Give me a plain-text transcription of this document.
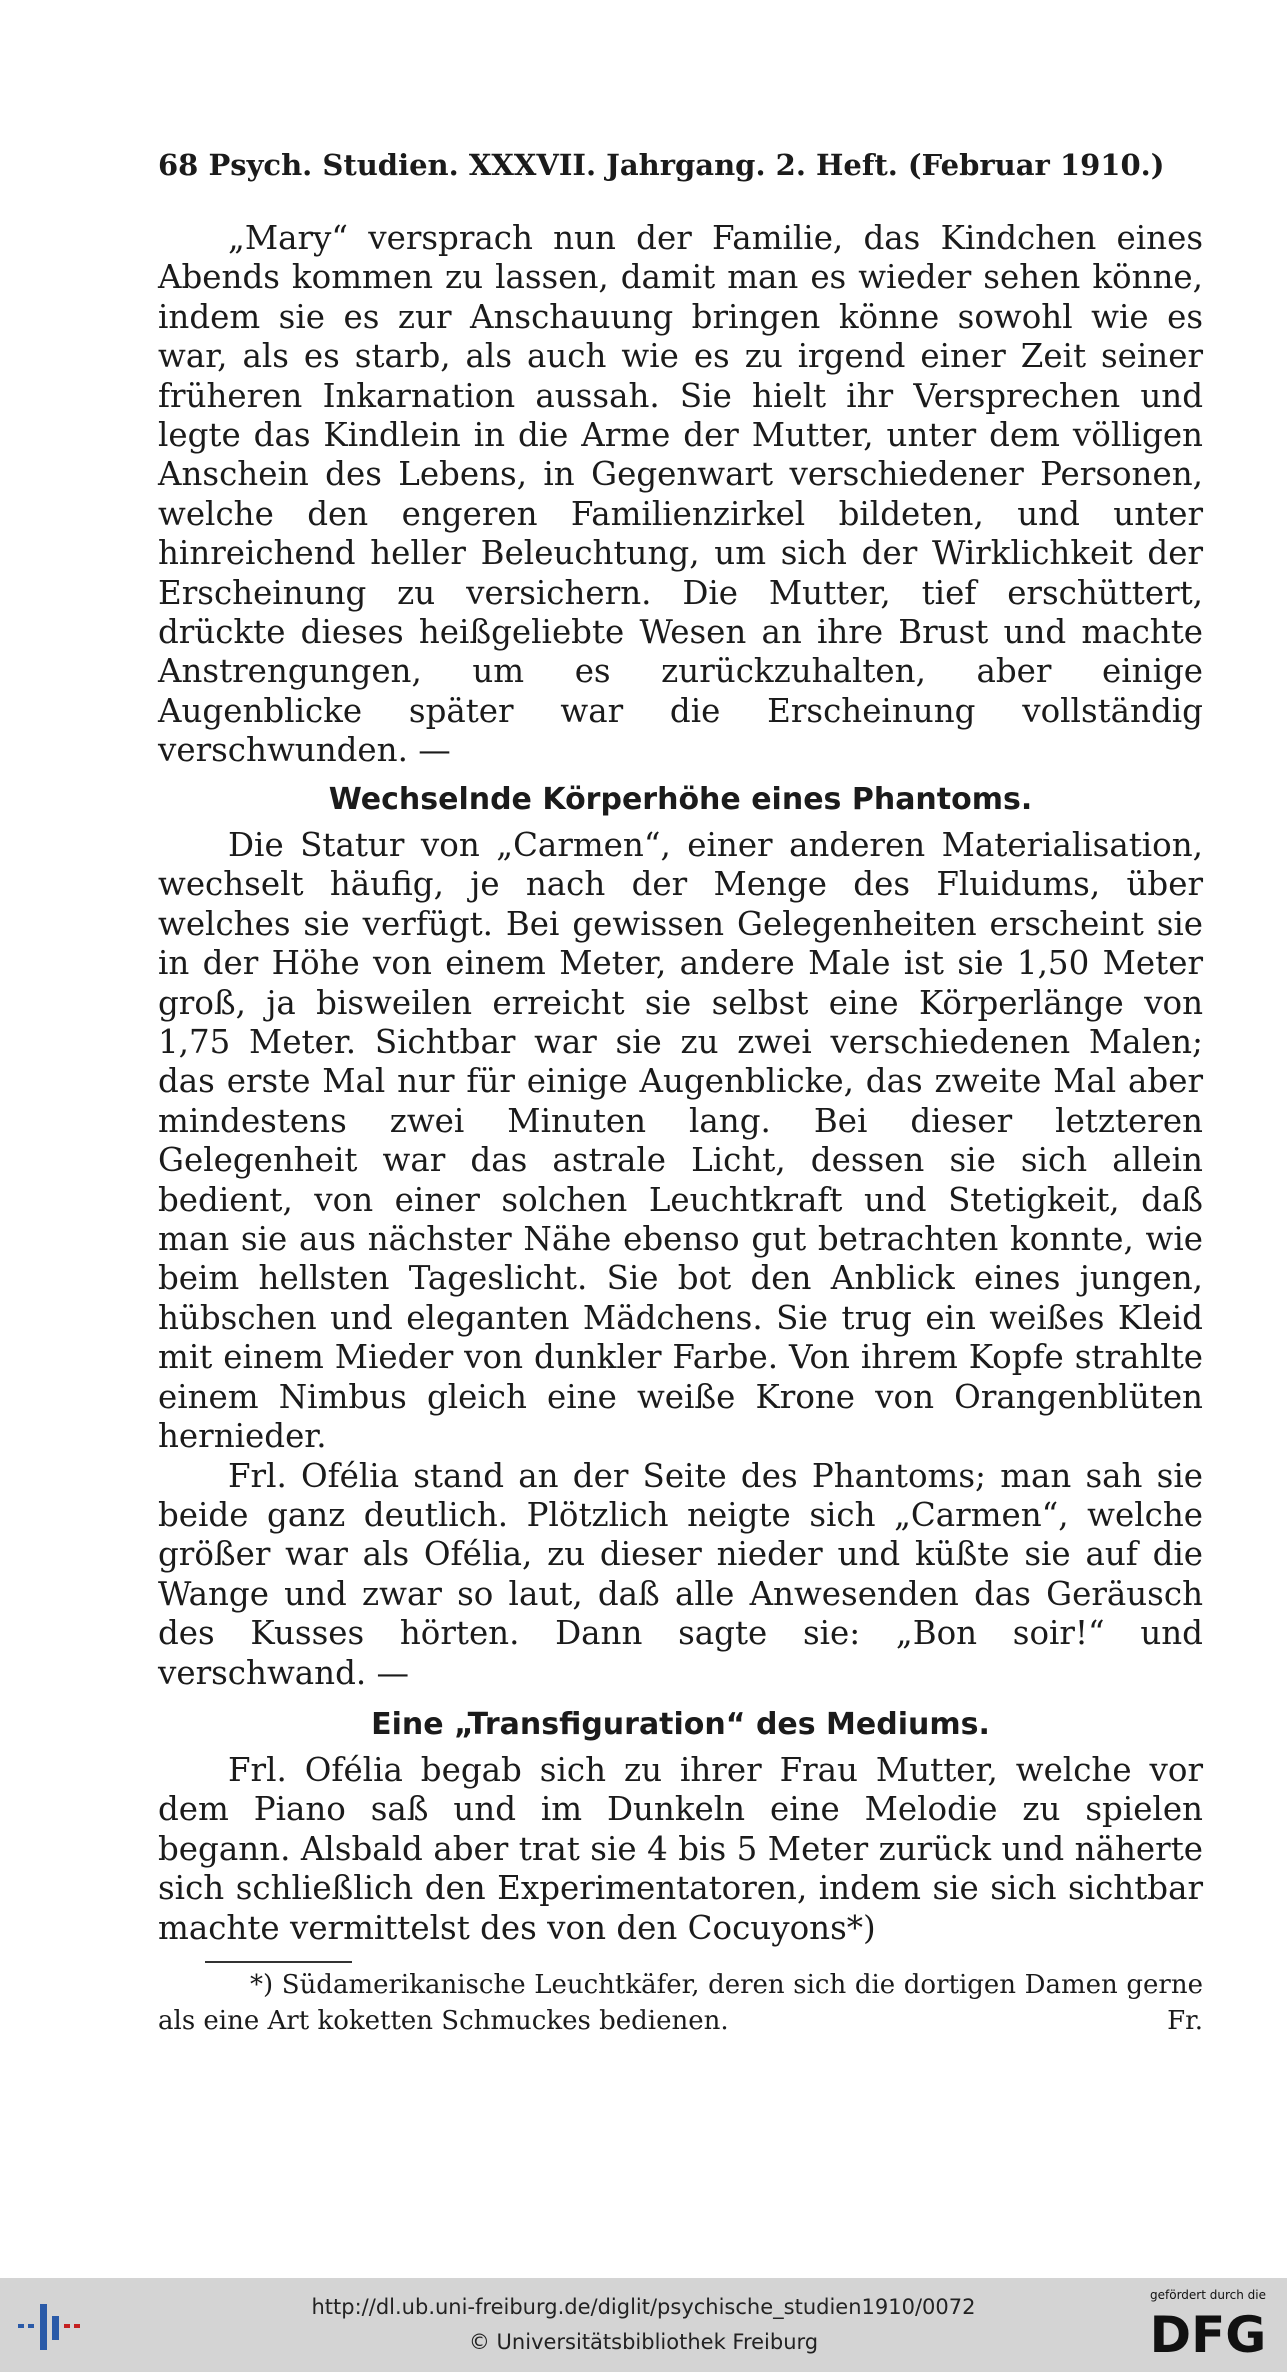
68 Psych. Studien. XXXVII. Jahrgang. 2. Heft. (Februar 1910.)

„Mary“ versprach nun der Familie, das Kindchen eines Abends kommen zu lassen, damit man es wieder sehen könne, indem sie es zur Anschauung bringen könne sowohl wie es war, als es starb, als auch wie es zu irgend einer Zeit seiner früheren Inkarnation aussah. Sie hielt ihr Versprechen und legte das Kindlein in die Arme der Mutter, unter dem völligen Anschein des Lebens, in Gegenwart verschiedener Personen, welche den engeren Familienzirkel bildeten, und unter hinreichend heller Beleuchtung, um sich der Wirklichkeit der Erscheinung zu versichern. Die Mutter, tief erschüttert, drückte dieses heißgeliebte Wesen an ihre Brust und machte Anstrengungen, um es zurückzuhalten, aber einige Augenblicke später war die Erscheinung vollständig verschwunden. —

Wechselnde Körperhöhe eines Phantoms.

Die Statur von „Carmen“, einer anderen Materialisation, wechselt häufig, je nach der Menge des Fluidums, über welches sie verfügt. Bei gewissen Gelegenheiten erscheint sie in der Höhe von einem Meter, andere Male ist sie 1,50 Meter groß, ja bisweilen erreicht sie selbst eine Körperlänge von 1,75 Meter. Sichtbar war sie zu zwei verschiedenen Malen; das erste Mal nur für einige Augenblicke, das zweite Mal aber mindestens zwei Minuten lang. Bei dieser letzteren Gelegenheit war das astrale Licht, dessen sie sich allein bedient, von einer solchen Leuchtkraft und Stetigkeit, daß man sie aus nächster Nähe ebenso gut betrachten konnte, wie beim hellsten Tageslicht. Sie bot den Anblick eines jungen, hübschen und eleganten Mädchens. Sie trug ein weißes Kleid mit einem Mieder von dunkler Farbe. Von ihrem Kopfe strahlte einem Nimbus gleich eine weiße Krone von Orangenblüten hernieder.

Frl. Ofélia stand an der Seite des Phantoms; man sah sie beide ganz deutlich. Plötzlich neigte sich „Carmen“, welche größer war als Ofélia, zu dieser nieder und küßte sie auf die Wange und zwar so laut, daß alle Anwesenden das Geräusch des Kusses hörten. Dann sagte sie: „Bon soir!“ und verschwand. —

Eine „Transfiguration“ des Mediums.

Frl. Ofélia begab sich zu ihrer Frau Mutter, welche vor dem Piano saß und im Dunkeln eine Melodie zu spielen begann. Alsbald aber trat sie 4 bis 5 Meter zurück und näherte sich schließlich den Experimentatoren, indem sie sich sichtbar machte vermittelst des von den Cocuyons*)

*) Südamerikanische Leuchtkäfer, deren sich die dortigen Damen gerne als eine Art koketten Schmuckes bedienen.	Fr.

http://dl.ub.uni-freiburg.de/diglit/psychische_studien1910/0072
© Universitätsbibliothek Freiburg
gefördert durch die
DFG
